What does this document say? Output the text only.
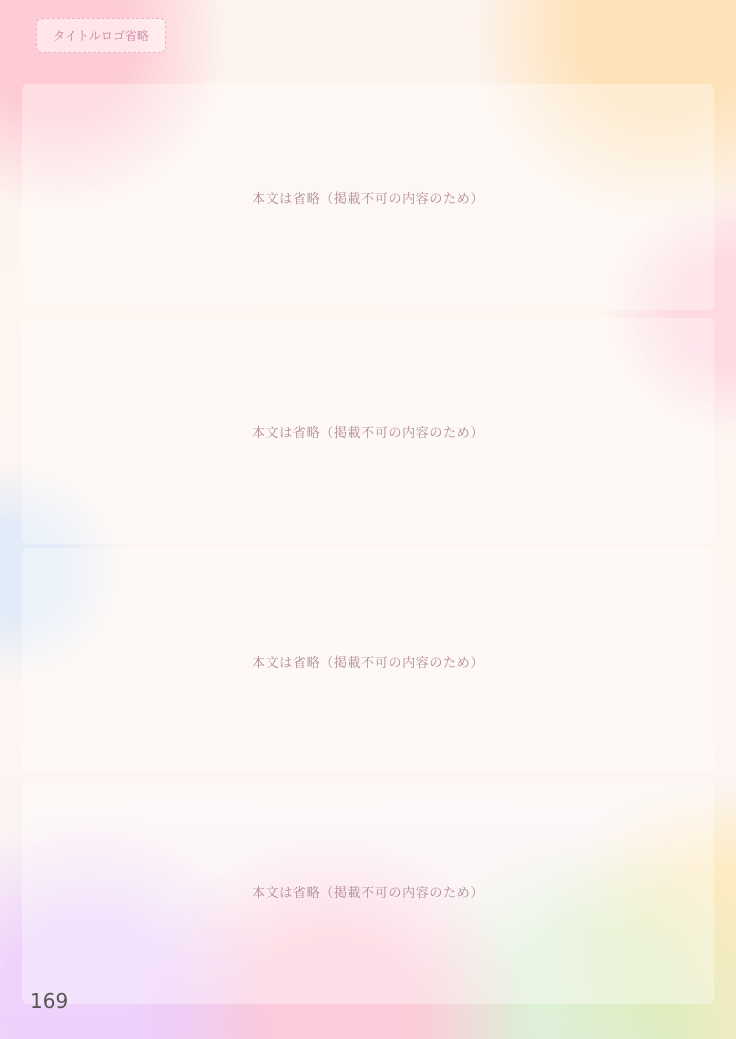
タイトルロゴ省略
本文は省略（掲載不可の内容のため）
本文は省略（掲載不可の内容のため）
本文は省略（掲載不可の内容のため）
本文は省略（掲載不可の内容のため）
169
